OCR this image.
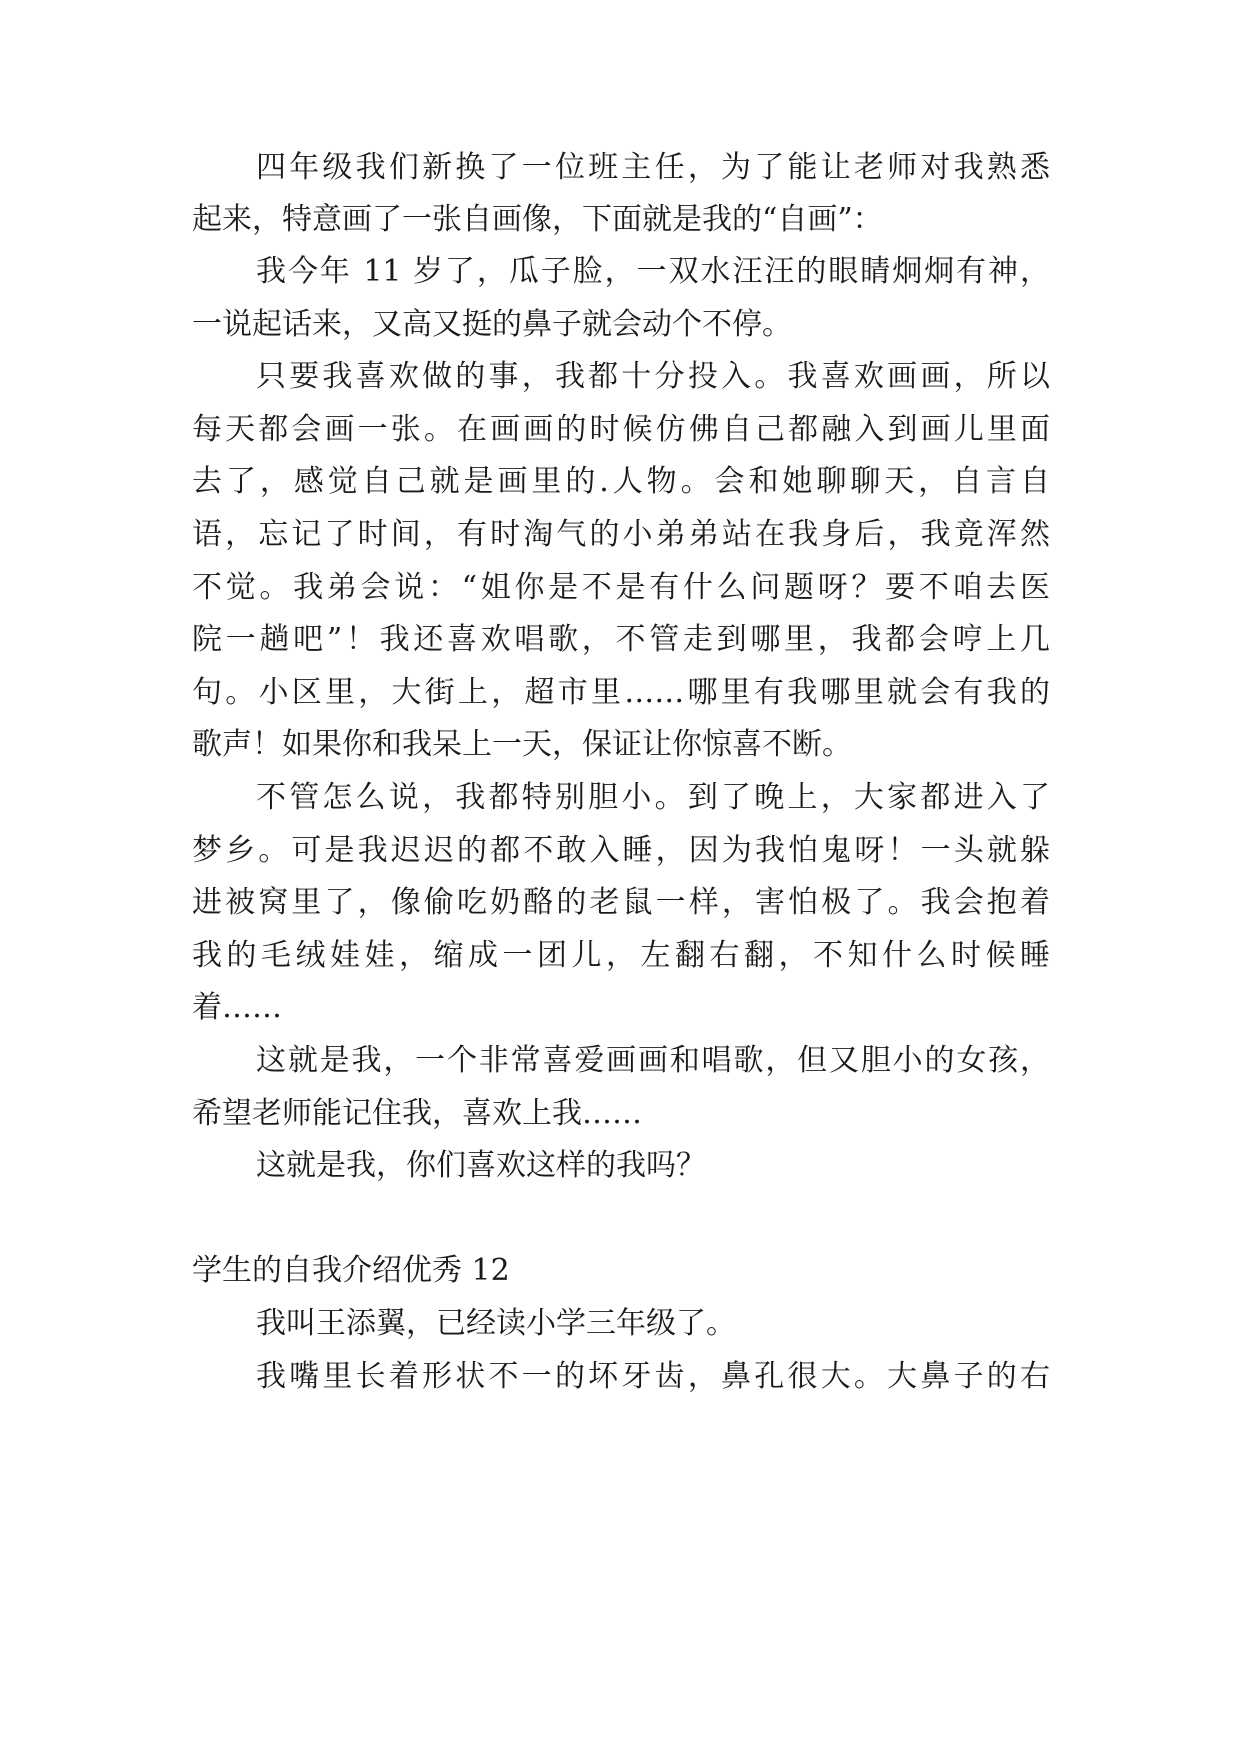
四年级我们新换了一位班主任，为了能让老师对我熟悉
起来，特意画了一张自画像，下面就是我的“自画”：
我今年 11 岁了，瓜子脸，一双水汪汪的眼睛炯炯有神，
一说起话来，又高又挺的鼻子就会动个不停。
只要我喜欢做的事，我都十分投入。我喜欢画画，所以
每天都会画一张。在画画的时候仿佛自己都融入到画儿里面
去了，感觉自己就是画里的.人物。会和她聊聊天，自言自
语，忘记了时间，有时淘气的小弟弟站在我身后，我竟浑然
不觉。我弟会说：“姐你是不是有什么问题呀？要不咱去医
院一趟吧”！我还喜欢唱歌，不管走到哪里，我都会哼上几
句。小区里，大街上，超市里……哪里有我哪里就会有我的
歌声！如果你和我呆上一天，保证让你惊喜不断。
不管怎么说，我都特别胆小。到了晚上，大家都进入了
梦乡。可是我迟迟的都不敢入睡，因为我怕鬼呀！一头就躲
进被窝里了，像偷吃奶酪的老鼠一样，害怕极了。我会抱着
我的毛绒娃娃，缩成一团儿，左翻右翻，不知什么时候睡
着……
这就是我，一个非常喜爱画画和唱歌，但又胆小的女孩，
希望老师能记住我，喜欢上我……
这就是我，你们喜欢这样的我吗？
学生的自我介绍优秀 12
我叫王添翼，已经读小学三年级了。
我嘴里长着形状不一的坏牙齿，鼻孔很大。大鼻子的右
